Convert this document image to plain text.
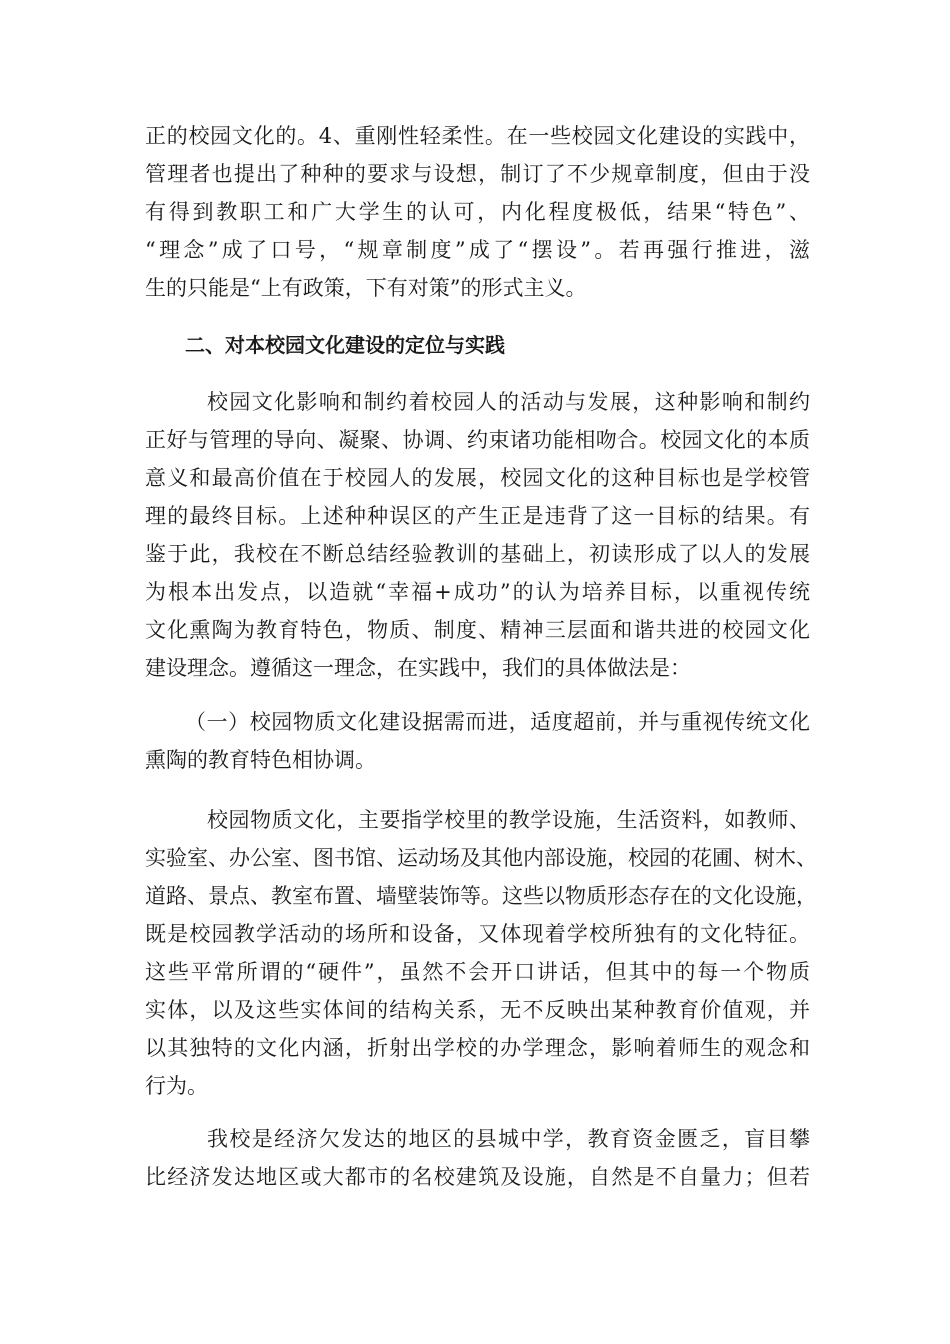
正的校园文化的。4、重刚性轻柔性。在一些校园文化建设的实践中，
管理者也提出了种种的要求与设想，制订了不少规章制度，但由于没
有得到教职工和广大学生的认可，内化程度极低，结果“特色”、
“理念”成了口号，“规章制度”成了“摆设”。若再强行推进，滋
生的只能是“上有政策，下有对策”的形式主义。
二、对本校园文化建设的定位与实践
校园文化影响和制约着校园人的活动与发展，这种影响和制约
正好与管理的导向、凝聚、协调、约束诸功能相吻合。校园文化的本质
意义和最高价值在于校园人的发展，校园文化的这种目标也是学校管
理的最终目标。上述种种误区的产生正是违背了这一目标的结果。有
鉴于此，我校在不断总结经验教训的基础上，初读形成了以人的发展
为根本出发点，以造就“幸福+成功”的认为培养目标，以重视传统
文化熏陶为教育特色，物质、制度、精神三层面和谐共进的校园文化
建设理念。遵循这一理念，在实践中，我们的具体做法是：
（一）校园物质文化建设据需而进，适度超前，并与重视传统文化
熏陶的教育特色相协调。
校园物质文化，主要指学校里的教学设施，生活资料，如教师、
实验室、办公室、图书馆、运动场及其他内部设施，校园的花圃、树木、
道路、景点、教室布置、墙壁装饰等。这些以物质形态存在的文化设施，
既是校园教学活动的场所和设备，又体现着学校所独有的文化特征。
这些平常所谓的“硬件”，虽然不会开口讲话，但其中的每一个物质
实体，以及这些实体间的结构关系，无不反映出某种教育价值观，并
以其独特的文化内涵，折射出学校的办学理念，影响着师生的观念和
行为。
我校是经济欠发达的地区的县城中学，教育资金匮乏，盲目攀
比经济发达地区或大都市的名校建筑及设施，自然是不自量力；但若
